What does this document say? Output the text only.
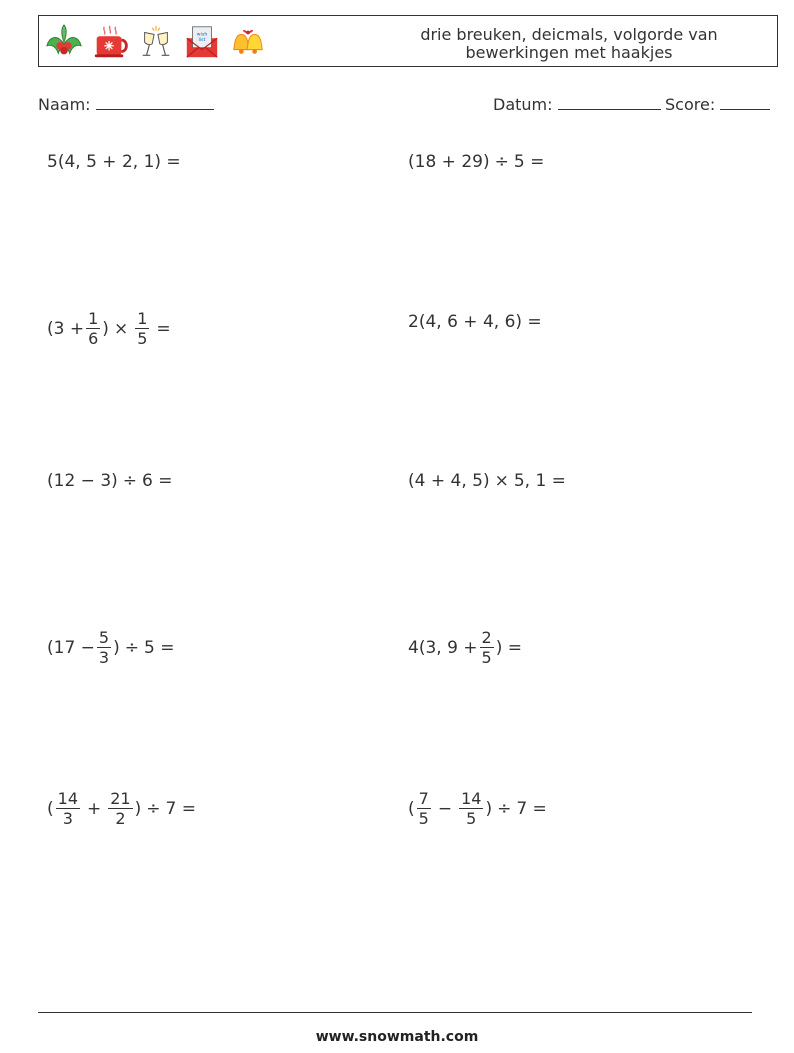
wish
list	drie breuken, deicmals, volgorde van
bewerkingen met haakjes
Naam:	Datum:	Score:
5(4, 5 + 2, 1) =	(18 + 29) ÷ 5 =
($3 + \frac{1}{6}$ ) × $\frac{1}{5}$ =	2(4, 6 + 4, 6) =
(12 − 3) ÷ 6 =	(4 + 4, 5) × 5, 1 =
($17 - \frac{5}{3}$ ) ÷ 5 =	4(3, $9 + \frac{2}{5}$ ) =
( $\frac{14}{3} + \frac{21}{2}$ ) ÷ 7 =	( $\frac{7}{5} - \frac{14}{5}$ ) ÷ 7 =
www.snowmath.com
